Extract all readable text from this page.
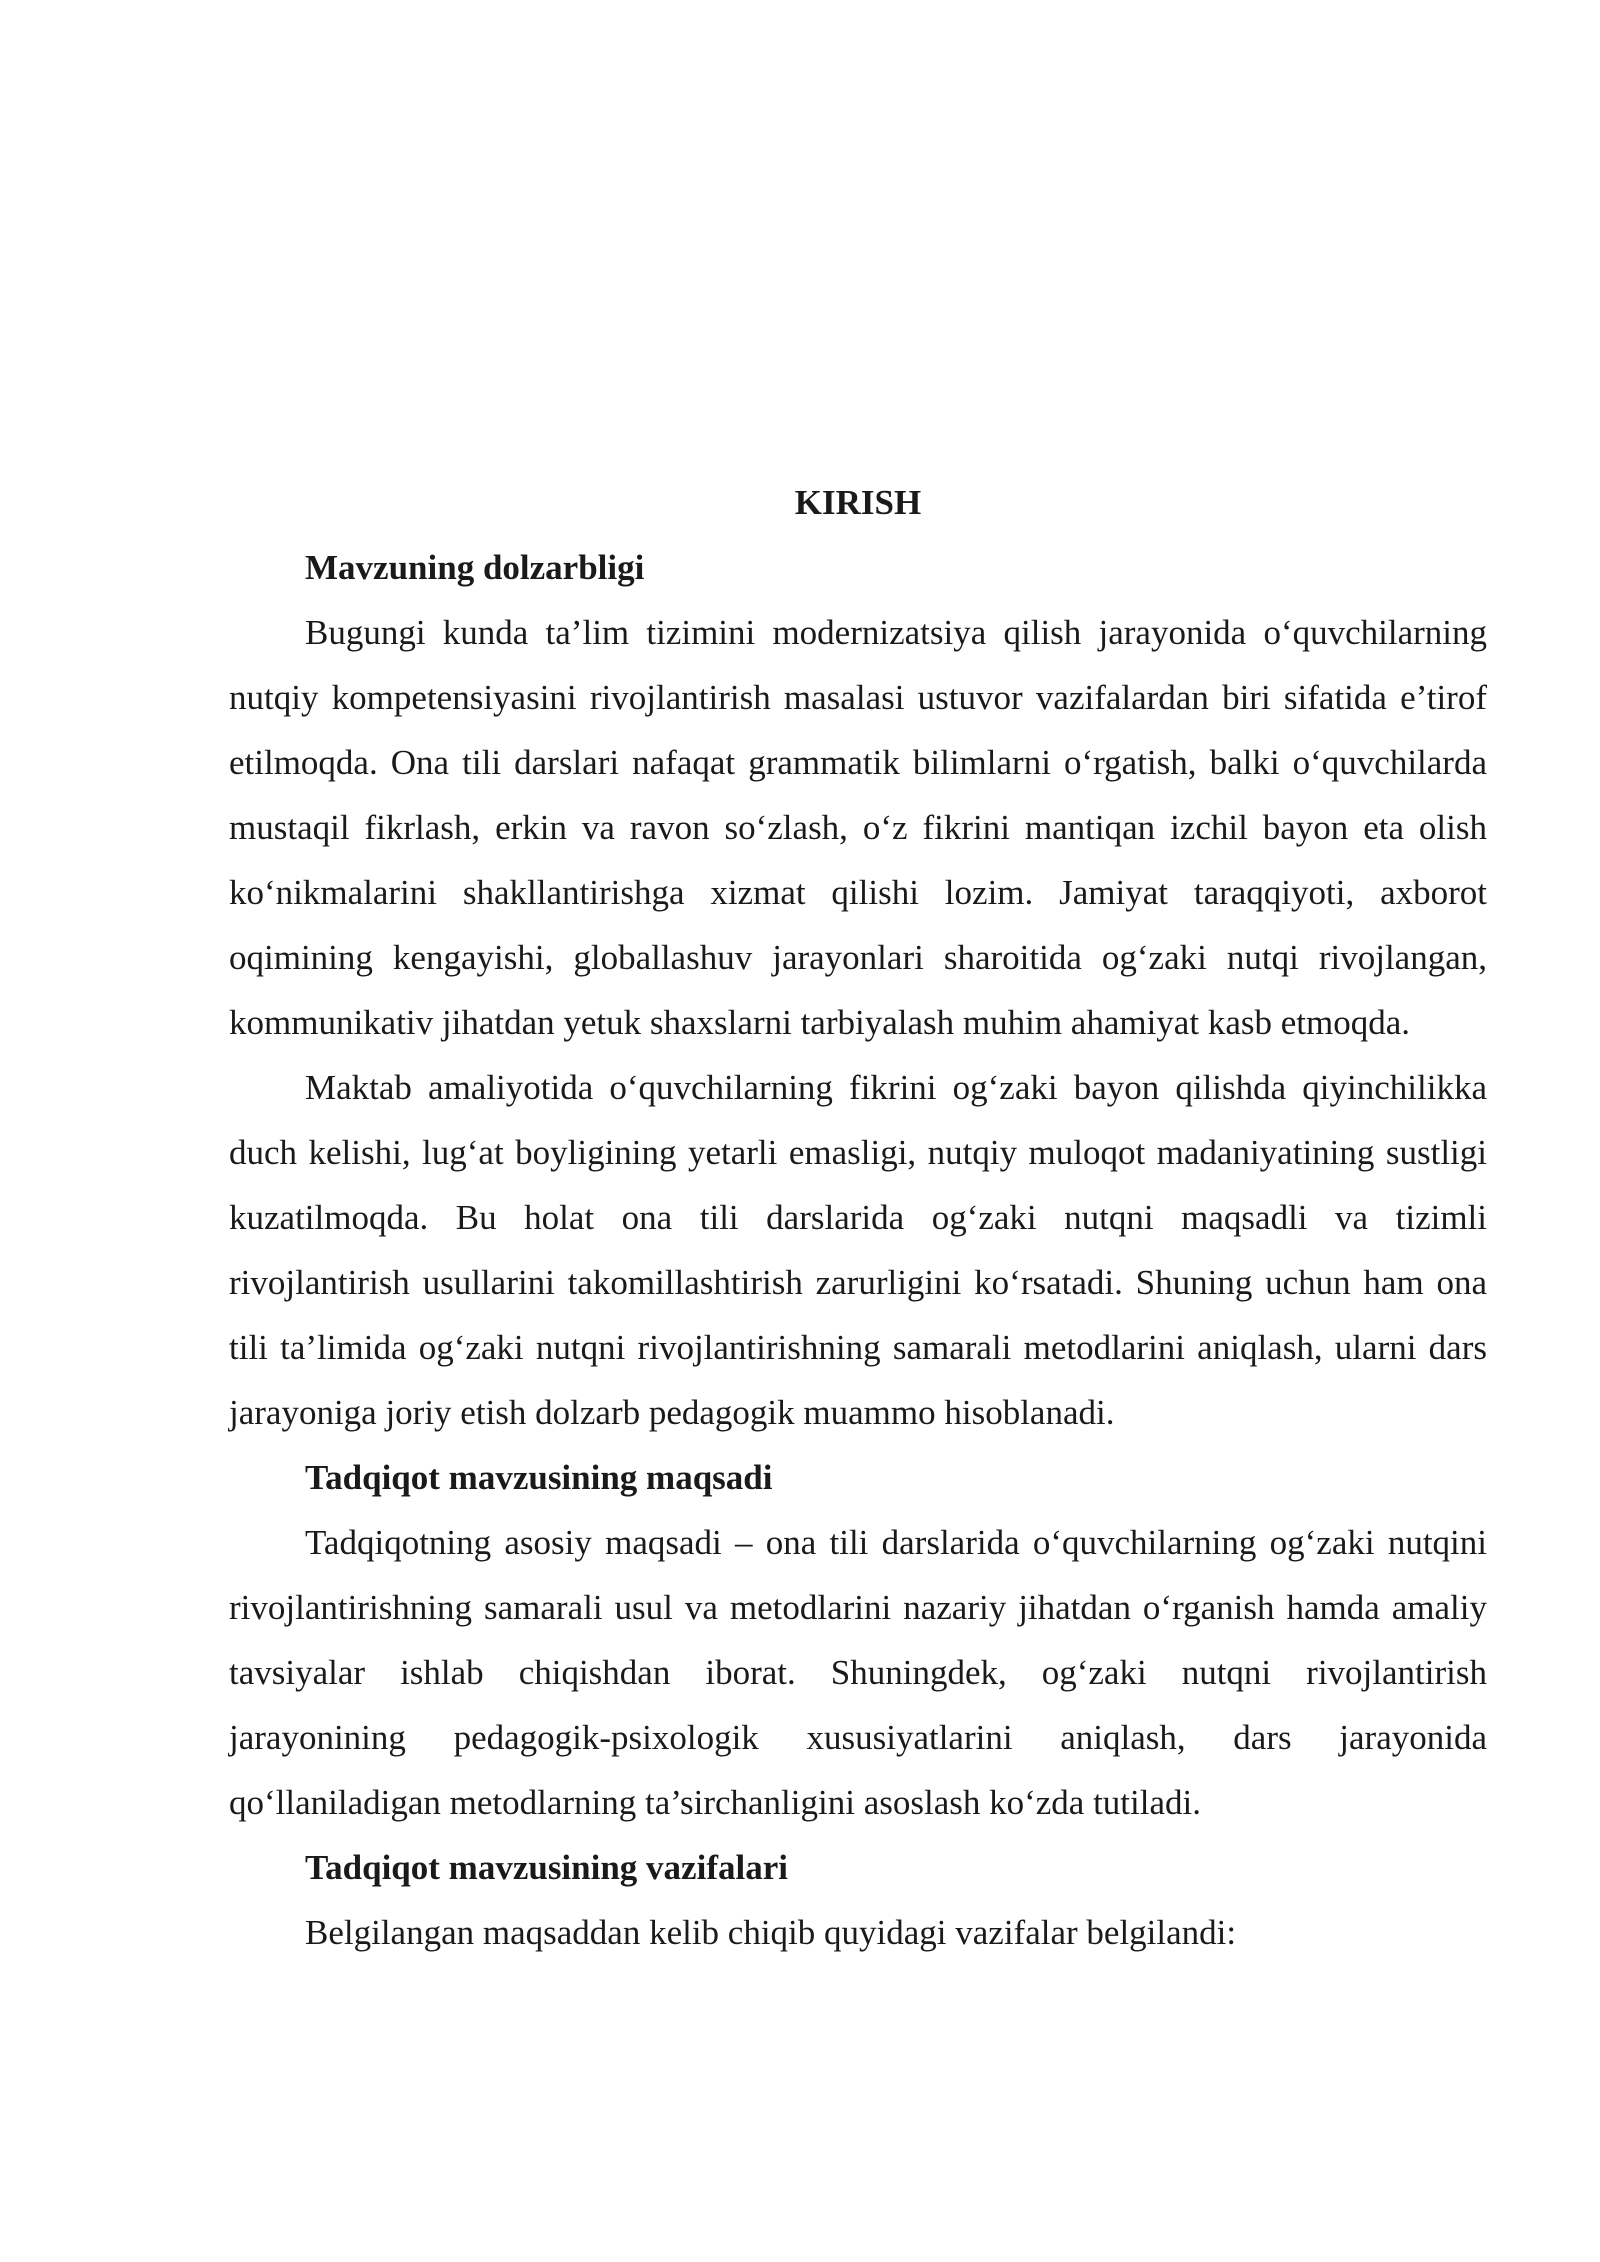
KIRISH

Mavzuning dolzarbligi

Bugungi kunda ta’lim tizimini modernizatsiya qilish jarayonida o‘quvchilarning nutqiy kompetensiyasini rivojlantirish masalasi ustuvor vazifalardan biri sifatida e’tirof etilmoqda. Ona tili darslari nafaqat grammatik bilimlarni o‘rgatish, balki o‘quvchilarda mustaqil fikrlash, erkin va ravon so‘zlash, o‘z fikrini mantiqan izchil bayon eta olish ko‘nikmalarini shakllantirishga xizmat qilishi lozim. Jamiyat taraqqiyoti, axborot oqimining kengayishi, globallashuv jarayonlari sharoitida og‘zaki nutqi rivojlangan, kommunikativ jihatdan yetuk shaxslarni tarbiyalash muhim ahamiyat kasb etmoqda.

Maktab amaliyotida o‘quvchilarning fikrini og‘zaki bayon qilishda qiyinchilikka duch kelishi, lug‘at boyligining yetarli emasligi, nutqiy muloqot madaniyatining sustligi kuzatilmoqda. Bu holat ona tili darslarida og‘zaki nutqni maqsadli va tizimli rivojlantirish usullarini takomillashtirish zarurligini ko‘rsatadi. Shuning uchun ham ona tili ta’limida og‘zaki nutqni rivojlantirishning samarali metodlarini aniqlash, ularni dars jarayoniga joriy etish dolzarb pedagogik muammo hisoblanadi.

Tadqiqot mavzusining maqsadi

Tadqiqotning asosiy maqsadi – ona tili darslarida o‘quvchilarning og‘zaki nutqini rivojlantirishning samarali usul va metodlarini nazariy jihatdan o‘rganish hamda amaliy tavsiyalar ishlab chiqishdan iborat. Shuningdek, og‘zaki nutqni rivojlantirish jarayonining pedagogik-psixologik xususiyatlarini aniqlash, dars jarayonida qo‘llaniladigan metodlarning ta’sirchanligini asoslash ko‘zda tutiladi.

Tadqiqot mavzusining vazifalari

Belgilangan maqsaddan kelib chiqib quyidagi vazifalar belgilandi:
